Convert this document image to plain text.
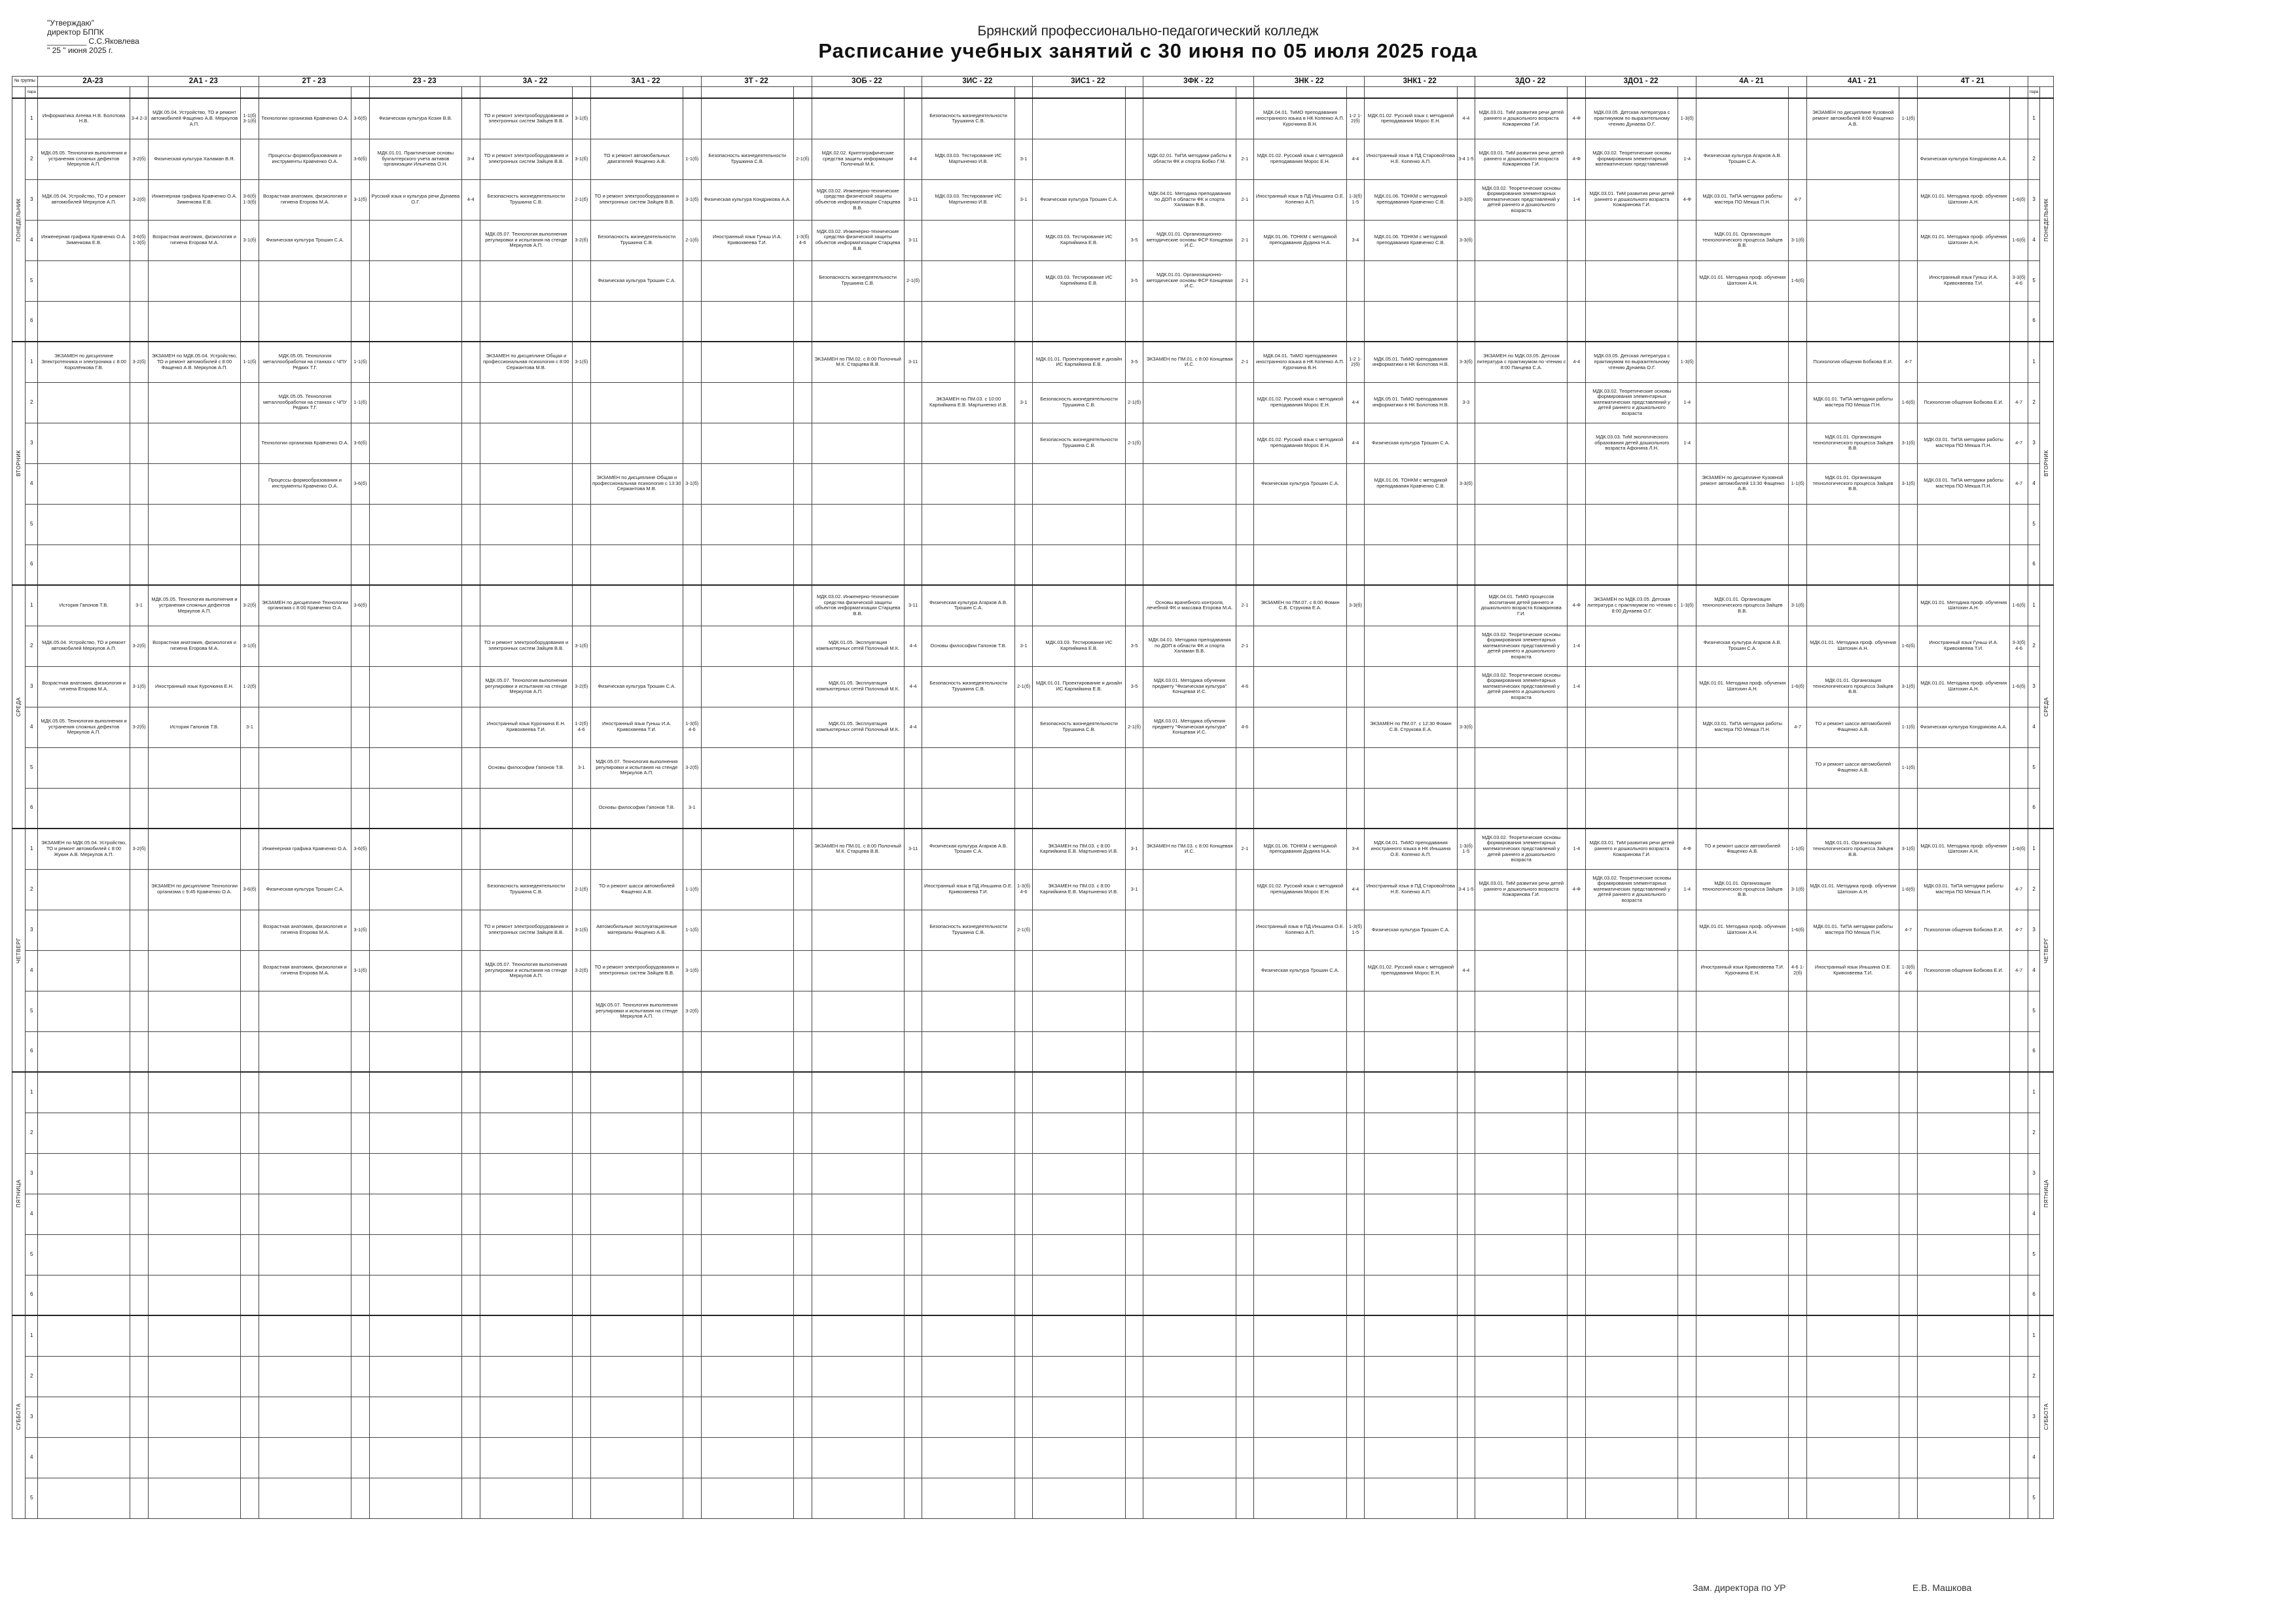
"Утверждаю"
директор БППК
_________ С.С.Яковлева
" 25 " июня 2025 г.
Брянский профессионально-педагогический колледж
Расписание учебных занятий с 30 июня по 05 июля 2025 года
№ группы		2А-23		2А1 - 23		2Т - 23		23 - 23		3А - 22		3А1 - 22		3Т - 22		3ОБ - 22		3ИС - 22		3ИС1 - 22		3ФК - 22		3НК - 22		3НК1 - 22		3ДО - 22		3ДО1 - 22		4А - 21		4А1 - 21		4Т - 21			
	пара																																					пара	
ПОНЕДЕЛЬНИК	1	Информатика Агеева Н.В. Болотова Н.В.	3-4 2-3	МДК.05.04. Устройство, ТО и ремонт автомобилей Фащенко А.В. Меркулов А.П.	1-1(б) 3-1(б)	Технологии организма Кравченко О.А.	3-6(б)	Физическая культура Козин В.В.		ТО и ремонт электрооборудования и электронных систем Зайцев В.В.	3-1(б)							Безопасность жизнедеятельности Трушкина С.В.						МДК.04.01. ТиМО преподавания иностранного языка в НК Копенко А.П. Курочкина В.Н.	1-2 1-2(б)	МДК.01.02. Русский язык с методикой преподавания Морос Е.Н.	4-4	МДК.03.01. ТиМ развития речи детей раннего и дошкольного возраста Кожаринова Г.И.	4-Ф	МДК.03.05. Детская литература с практикумом по выразительному чтению Дунаева О.Г.	1-3(б)			ЭКЗАМЕН по дисциплине Кузовной ремонт автомобилей 8:00 Фащенко А.В.	1-1(б)			1	ПОНЕДЕЛЬНИК
	2	МДК.05.05. Технология выполнения и устранения сложных дефектов Меркулов А.П.	3-2(б)	Физическая культура Халаман В.Я.		Процессы формообразования и инструменты Кравченко О.А.	3-6(б)	МДК.01.01. Практические основы бухгалтерского учета активов организации Ильичева О.Н.	3-4	ТО и ремонт электрооборудования и электронных систем Зайцев В.В.	3-1(б)	ТО и ремонт автомобильных двигателей Фащенко А.В.	1-1(б)	Безопасность жизнедеятельности Трушкина С.В.	2-1(б)	МДК.02.02. Криптографические средства защиты информации Полочный М.К.	4-4	МДК.03.03. Тестирование ИС Мартыненко И.В.	3-1			МДК.02.01. ТиПА методики работы в области ФК и спорта Бобко Г.М.	2-1	МДК.01.02. Русский язык с методикой преподавания Морос Е.Н.	4-4	Иностранный язык в ПД Старовойтова Н.Е. Копенко А.П.	3-4 1-5	МДК.03.01. ТиМ развития речи детей раннего и дошкольного возраста Кожаринова Г.И.	4-Ф	МДК.03.02. Теоретические основы формирования элементарных математических представлений	1-4	Физическая культура Агарков А.В. Трошин С.А.				Физическая культура Кондрикова А.А.		2	
	3	МДК.05.04. Устройство, ТО и ремонт автомобилей Меркулов А.П.	3-2(б)	Инженерная графика Кравченко О.А. Зименкова Е.В.	3-6(б) 1-3(б)	Возрастная анатомия, физиология и гигиена Егорова М.А.	3-1(б)	Русский язык и культура речи Дунаева О.Г.	4-4	Безопасность жизнедеятельности Трушкина С.В.	2-1(б)	ТО и ремонт электрооборудования и электронных систем Зайцев В.В.	3-1(б)	Физическая культура Кондрикова А.А.		МДК.03.02. Инженерно-технические средства физической защиты объектов информатизации Старцева В.В.	3-11	МДК.03.03. Тестирование ИС Мартыненко И.В.	3-1	Физическая культура Трошин С.А.		МДК.04.01. Методика преподавания по ДОП в области ФК и спорта Халаман В.В.	2-1	Иностранный язык в ПД Иньшина О.Е. Копенко А.П.	1-3(б) 1-5	МДК.01.06. ТОНКМ с методикой преподавания Кравченко С.В.	3-3(б)	МДК.03.02. Теоретические основы формирования элементарных математических представлений у детей раннего и дошкольного возраста	1-4	МДК.03.01. ТиМ развития речи детей раннего и дошкольного возраста Кожаринова Г.И.	4-Ф	МДК.03.01. ТиПА методики работы мастера ПО Мекша П.Н.	4-7			МДК.01.01. Методика проф. обучения Шатохин А.Н.	1-6(б)	3	
	4	Инженерная графика Кравченко О.А. Зименкова Е.В.	3-6(б) 1-3(б)	Возрастная анатомия, физиология и гигиена Егорова М.А.	3-1(б)	Физическая культура Трошин С.А.				МДК.05.07. Технология выполнения регулировки и испытания на стенде Меркулов А.П.	3-2(б)	Безопасность жизнедеятельности Трушкина С.В.	2-1(б)	Иностранный язык Гуньш И.А. Кривохвеева Т.И.	1-3(б) 4-6	МДК.03.02. Инженерно-технические средства физической защиты объектов информатизации Старцева В.В.	3-11			МДК.03.03. Тестирование ИС Карпийкина Е.В.	3-5	МДК.01.01. Организационно-методические основы ФСР Конщевая И.С.	2-1	МДК.01.06. ТОНКМ с методикой преподавания Дудина Н.А.	3-4	МДК.01.06. ТОНКМ с методикой преподавания Кравченко С.В.	3-3(б)					МДК.01.01. Организация технологического процесса Зайцев В.В.	3-1(б)			МДК.01.01. Методика проф. обучения Шатохин А.Н.	1-6(б)	4	
	5											Физическая культура Трошин С.А.				Безопасность жизнедеятельности Трушкина С.В.	2-1(б)			МДК.03.03. Тестирование ИС Карпийкина Е.В.	3-5	МДК.01.01. Организационно-методические основы ФСР Конщевая И.С.	2-1									МДК.01.01. Методика проф. обучения Шатохин А.Н.	1-6(б)			Иностранный язык Гуньш И.А. Кривохвеева Т.И.	3-3(б) 4-6	5	
	6																																					6	
ВТОРНИК	1	ЭКЗАМЕН по дисциплине Электротехника и электроника с 8:00 Королёнкова Г.В.	3-2(б)	ЭКЗАМЕН по МДК.05.04. Устройство, ТО и ремонт автомобилей с 8:00 Фащенко А.В. Меркулов А.П.	1-1(б)	МДК.05.05. Технология металлообработки на станках с ЧПУ Редких Т.Г.	1-1(б)			ЭКЗАМЕН по дисциплине Общая и профессиональная психология с 8:00 Сержантова М.В.	3-1(б)					ЭКЗАМЕН по ПМ.02. с 8:00 Полочный М.К. Старцева В.В.	3-11			МДК.01.01. Проектирование и дизайн ИС Карпийкина Е.В.	3-5	ЭКЗАМЕН по ПМ.01. с 8:00 Конщевая И.С.	2-1	МДК.04.01. ТиМО преподавания иностранного языка в НК Копенко А.П. Курочкина В.Н.	1-2 1-2(б)	МДК.05.01. ТиМО преподавания информатики в НК Болотова Н.В.	3-3(б)	ЭКЗАМЕН по МДК.03.05. Детская литература с практикумом по чтению с 8:00 Панцева С.А.	4-4	МДК.03.05. Детская литература с практикумом по выразительному чтению Дунаева О.Г.	1-3(б)			Психология общения Бобкова Е.И.	4-7			1	ВТОРНИК
	2					МДК.05.05. Технология металлообработки на станках с ЧПУ Редких Т.Г.	1-1(б)											ЭКЗАМЕН по ПМ.03. с 10:00 Карпийкина Е.В. Мартыненко И.В.	3-1	Безопасность жизнедеятельности Трушкина С.В.	2-1(б)			МДК.01.02. Русский язык с методикой преподавания Морос Е.Н.	4-4	МДК.05.01. ТиМО преподавания информатики в НК Болотова Н.В.	3-3			МДК.03.02. Теоретические основы формирования элементарных математических представлений у детей раннего и дошкольного возраста	1-4			МДК.01.01. ТиПА методики работы мастера ПО Мекша П.Н.	1-6(б)	Психология общения Бобкова Е.И.	4-7	2	
	3					Технологии организма Кравченко О.А.	3-6(б)													Безопасность жизнедеятельности Трушкина С.В.	2-1(б)			МДК.01.02. Русский язык с методикой преподавания Морос Е.Н.	4-4	Физическая культура Трошин С.А.				МДК.03.03. ТиМ экологического образования детей дошкольного возраста Афонина Л.Н.	1-4			МДК.01.01. Организация технологического процесса Зайцев В.В.	3-1(б)	МДК.03.01. ТиПА методики работы мастера ПО Мекша П.Н.	4-7	3	
	4					Процессы формообразования и инструменты Кравченко О.А.	3-6(б)					ЭКЗАМЕН по дисциплине Общая и профессиональная психология с 13:30 Сержантова М.В.	3-1(б)											Физическая культура Трошин С.А.		МДК.01.06. ТОНКМ с методикой преподавания Кравченко С.В.	3-3(б)					ЭКЗАМЕН по дисциплине Кузовной ремонт автомобилей 13:30 Фащенко А.В.	1-1(б)	МДК.01.01. Организация технологического процесса Зайцев В.В.	3-1(б)	МДК.03.01. ТиПА методики работы мастера ПО Мекша П.Н.	4-7	4	
	5																																					5	
	6																																					6	
СРЕДА	1	История Гапонов Т.В.	3-1	МДК.05.05. Технология выполнения и устранения сложных дефектов Меркулов А.П.	3-2(б)	ЭКЗАМЕН по дисциплине Технологии организма с 8:00 Кравченко О.А.	3-6(б)									МДК.03.02. Инженерно-технические средства физической защиты объектов информатизации Старцева В.В.	3-11	Физическая культура Агарков А.В. Трошин С.А.				Основы врачебного контроля, лечебной ФК и массажа Егорова М.А.	2-1	ЭКЗАМЕН по ПМ.07. с 8:00 Фомин С.В. Струкова Е.А.	3-3(б)			МДК.04.01. ТиМО процессов воспитания детей раннего и дошкольного возраста Кожаринова Г.И.	4-Ф	ЭКЗАМЕН по МДК.03.05. Детская литература с практикумом по чтению с 8:00 Дунаева О.Г.	1-3(б)	МДК.01.01. Организация технологического процесса Зайцев В.В.	3-1(б)			МДК.01.01. Методика проф. обучения Шатохин А.Н.	1-6(б)	1	СРЕДА
	2	МДК.05.04. Устройство, ТО и ремонт автомобилей Меркулов А.П.	3-2(б)	Возрастная анатомия, физиология и гигиена Егорова М.А.	3-1(б)					ТО и ремонт электрооборудования и электронных систем Зайцев В.В.	3-1(б)					МДК.01.05. Эксплуатация компьютерных сетей Полочный М.К.	4-4	Основы философии Гапонов Т.В.	3-1	МДК.03.03. Тестирование ИС Карпийкина Е.В.	3-5	МДК.04.01. Методика преподавания по ДОП в области ФК и спорта Халаман В.В.	2-1					МДК.03.02. Теоретические основы формирования элементарных математических представлений у детей раннего и дошкольного возраста	1-4			Физическая культура Агарков А.В. Трошин С.А.		МДК.01.01. Методика проф. обучения Шатохин А.Н.	1-6(б)	Иностранный язык Гуньш И.А. Кривохвеева Т.И.	3-3(б) 4-6	2	
	3	Возрастная анатомия, физиология и гигиена Егорова М.А.	3-1(б)	Иностранный язык Курочкина Е.Н.	1-2(б)					МДК.05.07. Технология выполнения регулировки и испытания на стенде Меркулов А.П.	3-2(б)	Физическая культура Трошин С.А.				МДК.01.05. Эксплуатация компьютерных сетей Полочный М.К.	4-4	Безопасность жизнедеятельности Трушкина С.В.	2-1(б)	МДК.01.01. Проектирование и дизайн ИС Карпийкина Е.В.	3-5	МДК.03.01. Методика обучения предмету "Физическая культура" Конщевая И.С.	4-6					МДК.03.02. Теоретические основы формирования элементарных математических представлений у детей раннего и дошкольного возраста	1-4			МДК.01.01. Методика проф. обучения Шатохин А.Н.	1-6(б)	МДК.01.01. Организация технологического процесса Зайцев В.В.	3-1(б)	МДК.01.01. Методика проф. обучения Шатохин А.Н.	1-6(б)	3	
	4	МДК.05.05. Технология выполнения и устранения сложных дефектов Меркулов А.П.	3-2(б)	История Гапонов Т.В.	3-1					Иностранный язык Курочкина Е.Н. Кривохвеева Т.И.	1-2(б) 4-6	Иностранный язык Гуньш И.А. Кривохвеева Т.И.	1-3(б) 4-6			МДК.01.05. Эксплуатация компьютерных сетей Полочный М.К.	4-4			Безопасность жизнедеятельности Трушкина С.В.	2-1(б)	МДК.03.01. Методика обучения предмету "Физическая культура" Конщевая И.С.	4-6			ЭКЗАМЕН по ПМ.07. с 12:30 Фомин С.В. Струкова Е.А.	3-3(б)					МДК.03.01. ТиПА методики работы мастера ПО Мекша П.Н.	4-7	ТО и ремонт шасси автомобилей Фащенко А.В.	1-1(б)	Физическая культура Кондрикова А.А.		4	
	5									Основы философии Гапонов Т.В.	3-1	МДК.05.07. Технология выполнения регулировки и испытания на стенде Меркулов А.П.	3-2(б)																					ТО и ремонт шасси автомобилей Фащенко А.В.	1-1(б)			5	
	6											Основы философии Гапонов Т.В.	3-1																									6	
ЧЕТВЕРГ	1	ЭКЗАМЕН по МДК.05.04. Устройство, ТО и ремонт автомобилей с 8:00 Жукин А.В. Меркулов А.П.	3-2(б)			Инженерная графика Кравченко О.А.	3-6(б)									ЭКЗАМЕН по ПМ.01. с 8:00 Полочный М.К. Старцева В.В.	3-11	Физическая культура Агарков А.В. Трошин С.А.		ЭКЗАМЕН по ПМ.03. с 8:00 Карпийкина Е.В. Мартыненко И.В.	3-1	ЭКЗАМЕН по ПМ.03. с 8:00 Конщевая И.С.	2-1	МДК.01.06. ТОНКМ с методикой преподавания Дудина Н.А.	3-4	МДК.04.01. ТиМО преподавания иностранного языка в НК Иньшина О.Е. Копенко А.П.	1-3(б) 1-5	МДК.03.02. Теоретические основы формирования элементарных математических представлений у детей раннего и дошкольного возраста	1-4	МДК.03.01. ТиМ развития речи детей раннего и дошкольного возраста Кожаринова Г.И.	4-Ф	ТО и ремонт шасси автомобилей Фащенко А.В.	1-1(б)	МДК.01.01. Организация технологического процесса Зайцев В.В.	3-1(б)	МДК.01.01. Методика проф. обучения Шатохин А.Н.	1-6(б)	1	ЧЕТВЕРГ
	2			ЭКЗАМЕН по дисциплине Технологии организма с 9:45 Кравченко О.А.	3-6(б)	Физическая культура Трошин С.А.				Безопасность жизнедеятельности Трушкина С.В.	2-1(б)	ТО и ремонт шасси автомобилей Фащенко А.В.	1-1(б)					Иностранный язык в ПД Иньшина О.Е. Кривохвеева Т.И.	1-3(б) 4-6	ЭКЗАМЕН по ПМ.03. с 8:00 Карпийкина Е.В. Мартыненко И.В.	3-1			МДК.01.02. Русский язык с методикой преподавания Морос Е.Н.	4-4	Иностранный язык в ПД Старовойтова Н.Е. Копенко А.П.	3-4 1-5	МДК.03.01. ТиМ развития речи детей раннего и дошкольного возраста Кожаринова Г.И.	4-Ф	МДК.03.02. Теоретические основы формирования элементарных математических представлений у детей раннего и дошкольного возраста	1-4	МДК.01.01. Организация технологического процесса Зайцев В.В.	3-1(б)	МДК.01.01. Методика проф. обучения Шатохин А.Н.	1-6(б)	МДК.03.01. ТиПА методики работы мастера ПО Мекша П.Н.	4-7	2	
	3					Возрастная анатомия, физиология и гигиена Егорова М.А.	3-1(б)			ТО и ремонт электрооборудования и электронных систем Зайцев В.В.	3-1(б)	Автомобильные эксплуатационные материалы Фащенко А.В.	1-1(б)					Безопасность жизнедеятельности Трушкина С.В.	2-1(б)					Иностранный язык в ПД Иньшина О.Е. Копенко А.П.	1-3(б) 1-5	Физическая культура Трошин С.А.						МДК.01.01. Методика проф. обучения Шатохин А.Н.	1-6(б)	МДК.01.01. ТиПА методики работы мастера ПО Мекша П.Н.	4-7	Психология общения Бобкова Е.И.	4-7	3	
	4					Возрастная анатомия, физиология и гигиена Егорова М.А.	3-1(б)			МДК.05.07. Технология выполнения регулировки и испытания на стенде Меркулов А.П.	3-2(б)	ТО и ремонт электрооборудования и электронных систем Зайцев В.В.	3-1(б)											Физическая культура Трошин С.А.		МДК.01.02. Русский язык с методикой преподавания Морос Е.Н.	4-4					Иностранный язык Кривохвеева Т.И. Курочкина Е.Н.	4-6 1-2(б)	Иностранный язык Иньшина О.Е. Кривохвеева Т.И.	1-3(б) 4-6	Психология общения Бобкова Е.И.	4-7	4	
	5											МДК.05.07. Технология выполнения регулировки и испытания на стенде Меркулов А.П.	3-2(б)																									5	
	6																																					6	
ПЯТНИЦА	1																																					1	ПЯТНИЦА
	2																																					2	
	3																																					3	
	4																																					4	
	5																																					5	
	6																																					6	
СУББОТА	1																																					1	СУББОТА
	2																																					2	
	3																																					3	
	4																																					4	
	5																																					5	
Зам. директора по УР	Е.В. Машкова
